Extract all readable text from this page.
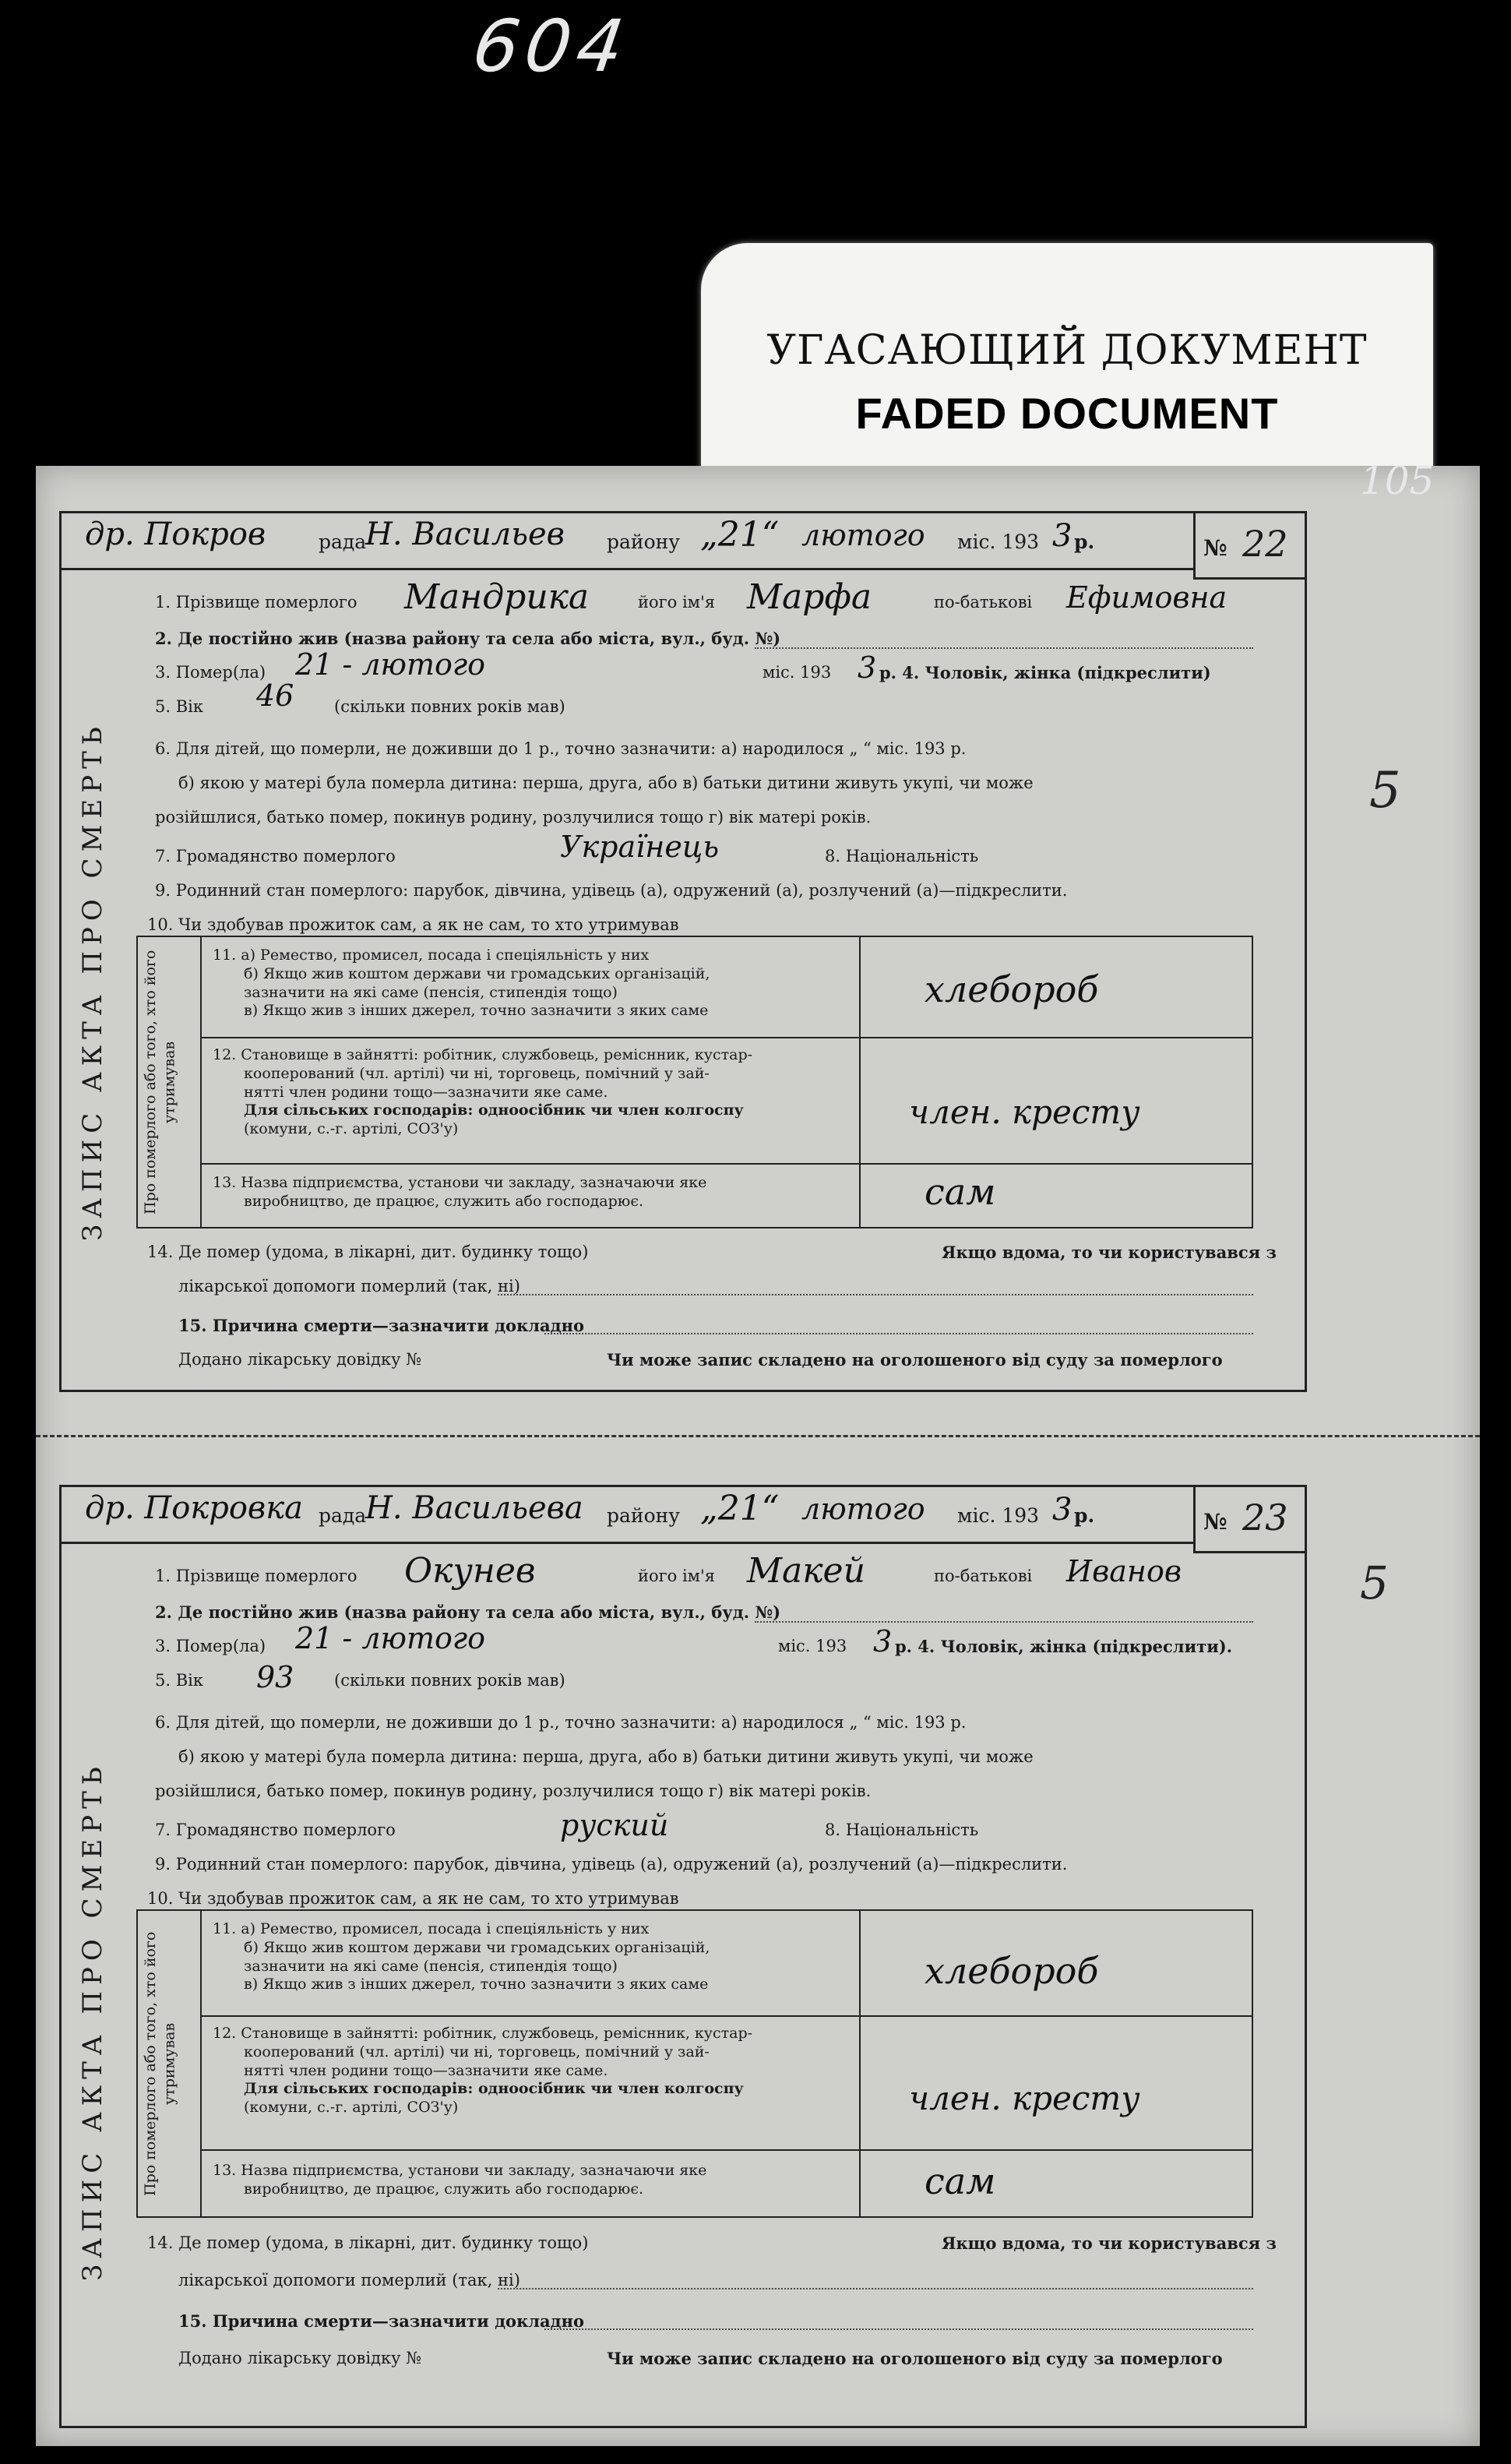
604
УГАСАЮЩИЙ ДОКУМЕНТ
FADED DOCUMENT
105
5
5
др. Покров	рада
Н. Васильев району „21“ лютого міс. 193 3 р.	№ 22
ЗАПИС АКТА ПРО СМЕРТЬ
1. Прізвище померлого Мандрика	його ім'я Марфа	по-батькові Ефимовна
2. Де постійно жив (назва району та села або міста, вул., буд. №)
3. Помер(ла) 21 - лютого	міс. 193 3 р. 4. Чоловік, жінка (підкреслити)
5. Вік 46 (скільки повних років мав)
6. Для дітей, що померли, не доживши до 1 р., точно зазначити: а) народилося „ “ міс. 193 р.
б) якою у матері була померла дитина: перша, друга, або в) батьки дитини живуть укупі, чи може
розійшлися, батько помер, покинув родину, розлучилися тощо г) вік матері років.
7. Громадянство померлого	Українець	8. Національність
9. Родинний стан померлого: парубок, дівчина, удівець (а), одружений (а), розлучений (а)—підкреслити.
10. Чи здобував прожиток сам, а як не сам, то хто утримував
Про померлого або того, хто його утримував
11. а) Ремество, промисел, посада і спеціяльність у них
б) Якщо жив коштом держави чи громадських організацій,
зазначити на які саме (пенсія, стипендія тощо)
в) Якщо жив з інших джерел, точно зазначити з яких саме
хлебороб
12. Становище в зайнятті: робітник, службовець, реміснник, кустар-
кооперований (чл. артілі) чи ні, торговець, помічний у зай-
нятті член родини тощо—зазначити яке саме.
Для сільських господарів: одноосібник чи член колгоспу
(комуни, с.-г. артілі, СОЗ'у)	член. кресту
13. Назва підприємства, установи чи закладу, зазначаючи яке
виробництво, де працює, служить або господарює.	сам
14. Де помер (удома, в лікарні, дит. будинку тощо)	Якщо вдома, то чи користувався з
лікарської допомоги померлий (так, ні)
15. Причина смерти—зазначити докладно
Додано лікарську довідку №	Чи може запис складено на оголошеного від суду за померлого
др. Покровка рада
Н. Васильева району „21“ лютого міс. 193 3 р.	№ 23
ЗАПИС АКТА ПРО СМЕРТЬ
1. Прізвище померлого Окунев	його ім'я Макей	по-батькові Иванов
2. Де постійно жив (назва району та села або міста, вул., буд. №)
3. Помер(ла) 21 - лютого	міс. 193 3 р. 4. Чоловік, жінка (підкреслити).
5. Вік 93 (скільки повних років мав)
6. Для дітей, що померли, не доживши до 1 р., точно зазначити: а) народилося „ “ міс. 193 р.
б) якою у матері була померла дитина: перша, друга, або в) батьки дитини живуть укупі, чи може
розійшлися, батько помер, покинув родину, розлучилися тощо г) вік матері років.
7. Громадянство померлого	руский	8. Національність
9. Родинний стан померлого: парубок, дівчина, удівець (а), одружений (а), розлучений (а)—підкреслити.
10. Чи здобував прожиток сам, а як не сам, то хто утримував
Про померлого або того, хто його утримував
11. а) Ремество, промисел, посада і спеціяльність у них
б) Якщо жив коштом держави чи громадських організацій,
зазначити на які саме (пенсія, стипендія тощо)
в) Якщо жив з інших джерел, точно зазначити з яких саме	хлебороб
12. Становище в зайнятті: робітник, службовець, реміснник, кустар-
кооперований (чл. артілі) чи ні, торговець, помічний у зай-
нятті член родини тощо—зазначити яке саме.
Для сільських господарів: одноосібник чи член колгоспу
(комуни, с.-г. артілі, СОЗ'у)	член. кресту
13. Назва підприємства, установи чи закладу, зазначаючи яке
виробництво, де працює, служить або господарює.	сам
14. Де помер (удома, в лікарні, дит. будинку тощо)	Якщо вдома, то чи користувався з
лікарської допомоги померлий (так, ні)
15. Причина смерти—зазначити докладно
Додано лікарську довідку №	Чи може запис складено на оголошеного від суду за померлого
